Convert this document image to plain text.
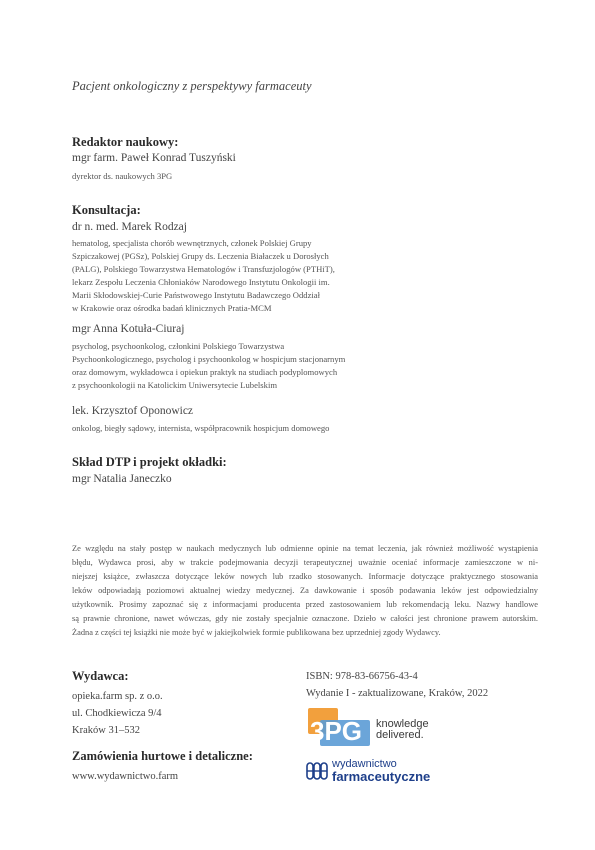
Pacjent onkologiczny z perspektywy farmaceuty

Redaktor naukowy:

mgr farm. Paweł Konrad Tuszyński

dyrektor ds. naukowych 3PG

Konsultacja:

dr n. med. Marek Rodzaj

hematolog, specjalista chorób wewnętrznych, członek Polskiej Grupy
Szpiczakowej (PGSz), Polskiej Grupy ds. Leczenia Białaczek u Dorosłych
(PALG), Polskiego Towarzystwa Hematologów i Transfuzjologów (PTHiT),
lekarz Zespołu Leczenia Chłoniaków Narodowego Instytutu Onkologii im.
Marii Skłodowskiej-Curie Państwowego Instytutu Badawczego Oddział
w Krakowie oraz ośrodka badań klinicznych Pratia-MCM

mgr Anna Kotuła-Ciuraj

psycholog, psychoonkolog, członkini Polskiego Towarzystwa
Psychoonkologicznego, psycholog i psychoonkolog w hospicjum stacjonarnym
oraz domowym, wykładowca i opiekun praktyk na studiach podyplomowych
z psychoonkologii na Katolickim Uniwersytecie Lubelskim

lek. Krzysztof Oponowicz

onkolog, biegły sądowy, internista, współpracownik hospicjum domowego

Skład DTP i projekt okładki:

mgr Natalia Janeczko

Ze względu na stały postęp w naukach medycznych lub odmienne opinie na temat leczenia, jak również możliwość wystąpienia
błędu, Wydawca prosi, aby w trakcie podejmowania decyzji terapeutycznej uważnie oceniać informacje zamieszczone w ni-
niejszej książce, zwłaszcza dotyczące leków nowych lub rzadko stosowanych. Informacje dotyczące praktycznego stosowania
leków odpowiadają poziomowi aktualnej wiedzy medycznej. Za dawkowanie i sposób podawania leków jest odpowiedzialny
użytkownik. Prosimy zapoznać się z informacjami producenta przed zastosowaniem lub rekomendacją leku. Nazwy handlowe
są prawnie chronione, nawet wówczas, gdy nie zostały specjalnie oznaczone. Dzieło w całości jest chronione prawem autorskim.
Żadna z części tej książki nie może być w jakiejkolwiek formie publikowana bez uprzedniej zgody Wydawcy.

Wydawca:

opieka.farm sp. z o.o.

ul. Chodkiewicza 9/4

Kraków 31–532

Zamówienia hurtowe i detaliczne:

www.wydawnictwo.farm

ISBN: 978-83-66756-43-4

Wydanie I - zaktualizowane, Kraków, 2022

3PG knowledge
delivered.
wydawnictwo
farmaceutyczne
